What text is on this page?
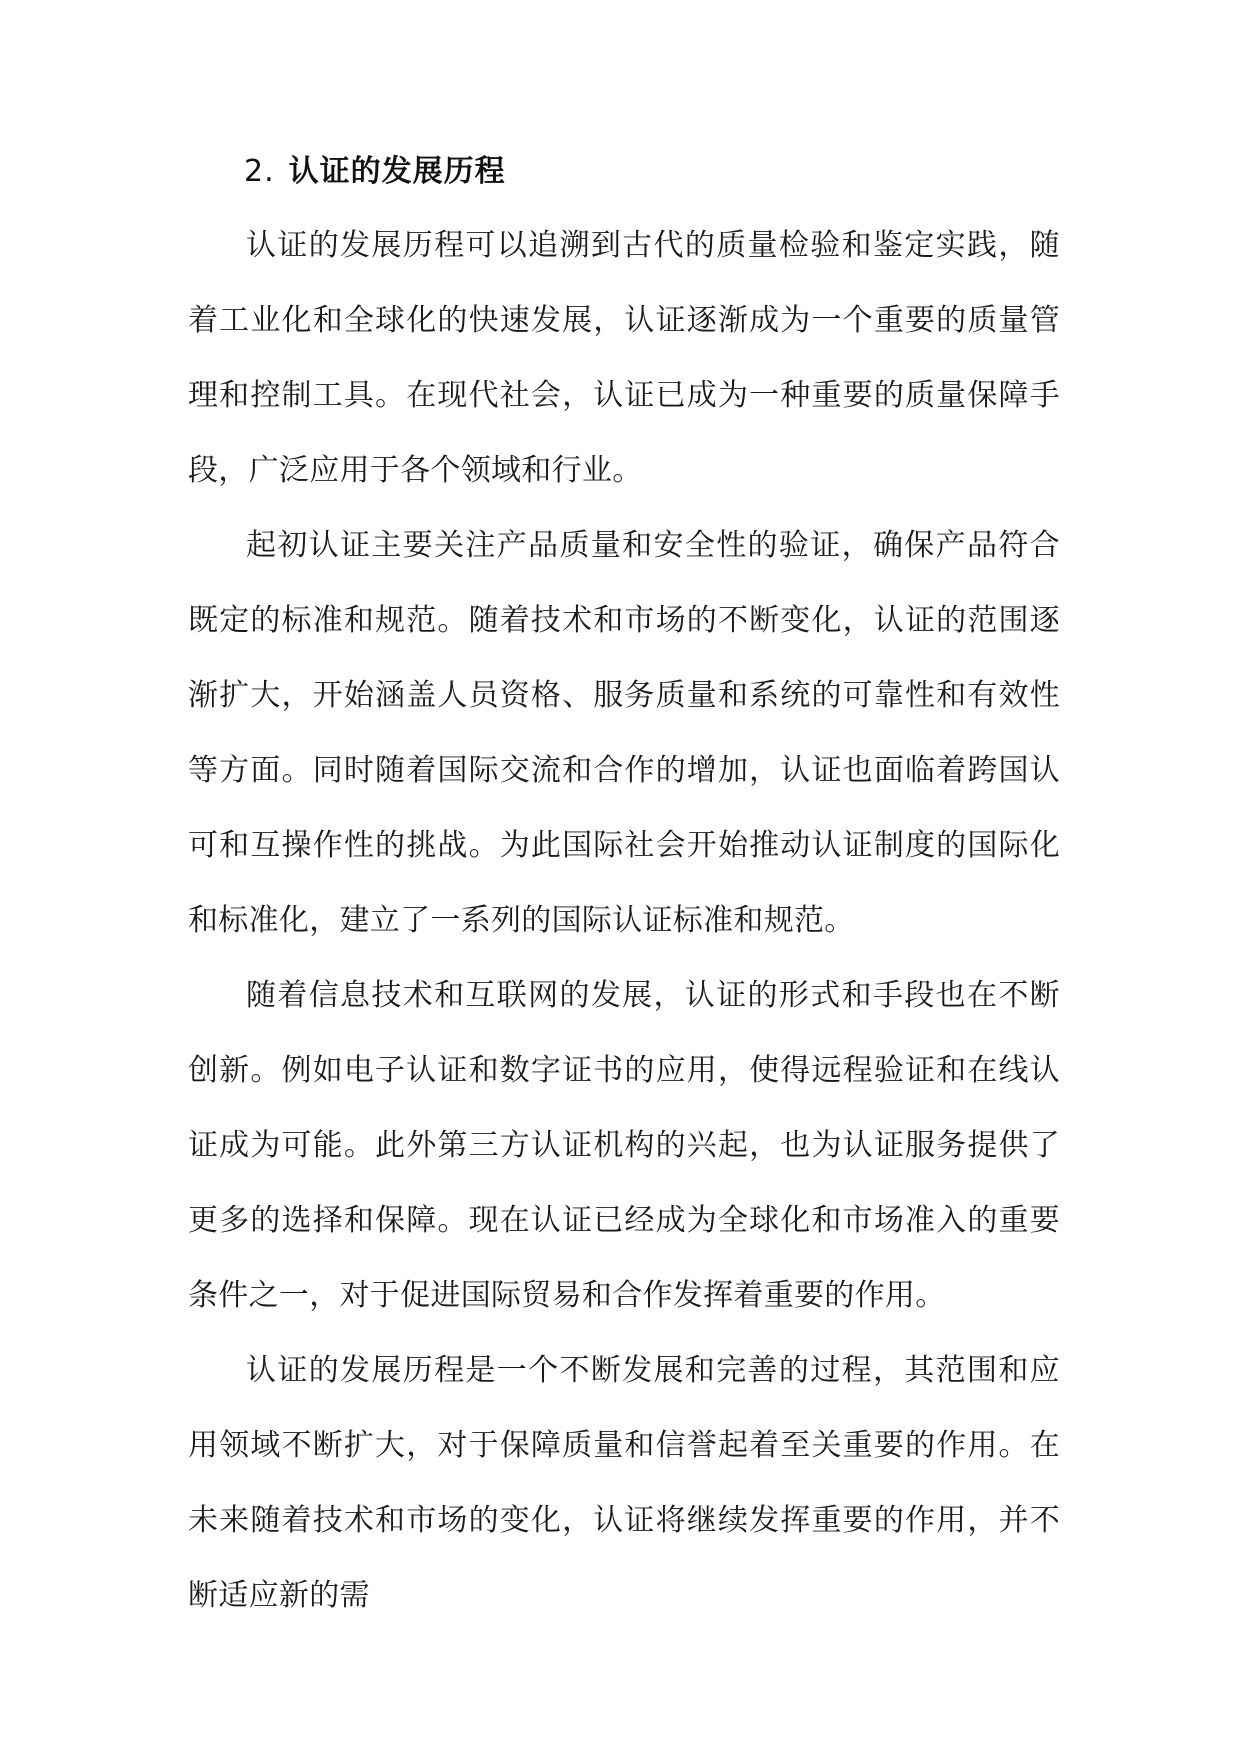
2. 认证的发展历程

认证的发展历程可以追溯到古代的质量检验和鉴定实践，随着工业化和全球化的快速发展，认证逐渐成为一个重要的质量管理和控制工具。在现代社会，认证已成为一种重要的质量保障手段，广泛应用于各个领域和行业。

起初认证主要关注产品质量和安全性的验证，确保产品符合既定的标准和规范。随着技术和市场的不断变化，认证的范围逐渐扩大，开始涵盖人员资格、服务质量和系统的可靠性和有效性等方面。同时随着国际交流和合作的增加，认证也面临着跨国认可和互操作性的挑战。为此国际社会开始推动认证制度的国际化和标准化，建立了一系列的国际认证标准和规范。

随着信息技术和互联网的发展，认证的形式和手段也在不断创新。例如电子认证和数字证书的应用，使得远程验证和在线认证成为可能。此外第三方认证机构的兴起，也为认证服务提供了更多的选择和保障。现在认证已经成为全球化和市场准入的重要条件之一，对于促进国际贸易和合作发挥着重要的作用。

认证的发展历程是一个不断发展和完善的过程，其范围和应用领域不断扩大，对于保障质量和信誉起着至关重要的作用。在未来随着技术和市场的变化，认证将继续发挥重要的作用，并不断适应新的需
